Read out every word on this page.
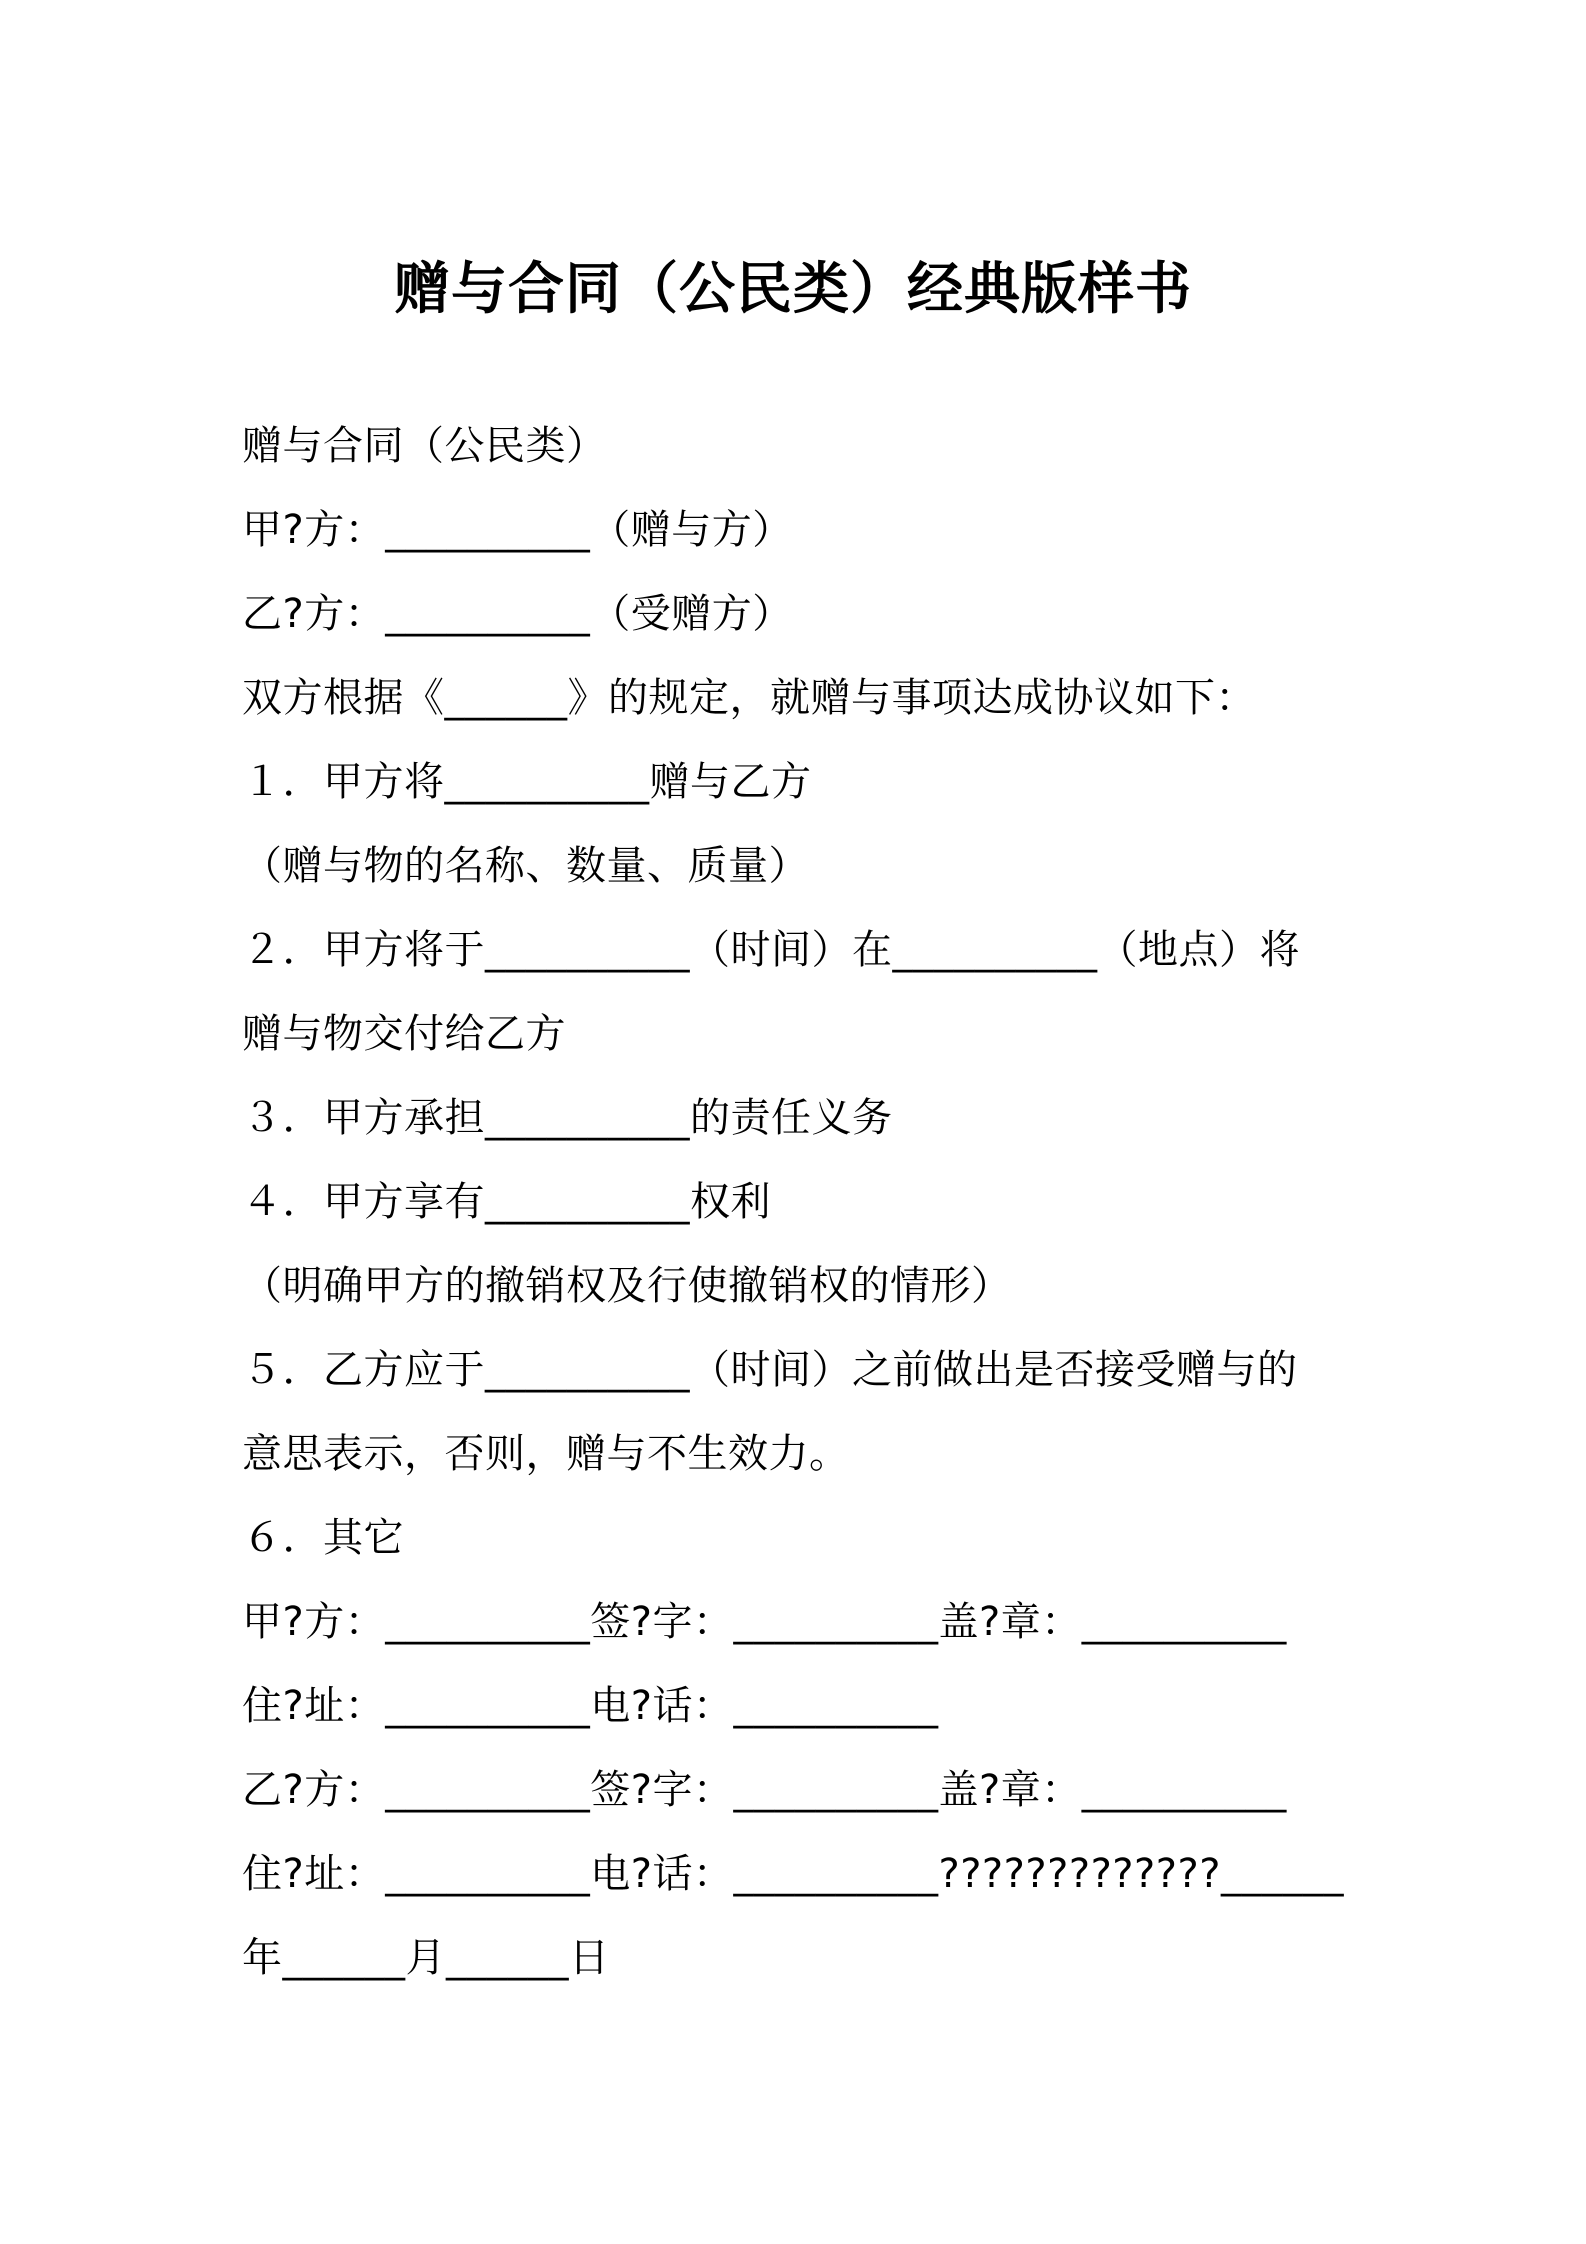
赠与合同（公民类）经典版样书
赠与合同（公民类）
甲?方：__________（赠与方）
乙?方：__________（受赠方）
双方根据《______》的规定，就赠与事项达成协议如下：
１．甲方将__________赠与乙方
（赠与物的名称、数量、质量）
２．甲方将于__________（时间）在__________（地点）将
赠与物交付给乙方
３．甲方承担__________的责任义务
４．甲方享有__________权利
（明确甲方的撤销权及行使撤销权的情形）
５．乙方应于__________（时间）之前做出是否接受赠与的
意思表示，否则，赠与不生效力。
６．其它
甲?方：__________签?字：__________盖?章：__________
住?址：__________电?话：__________
乙?方：__________签?字：__________盖?章：__________
住?址：__________电?话：__________?????????????______
年______月______日
